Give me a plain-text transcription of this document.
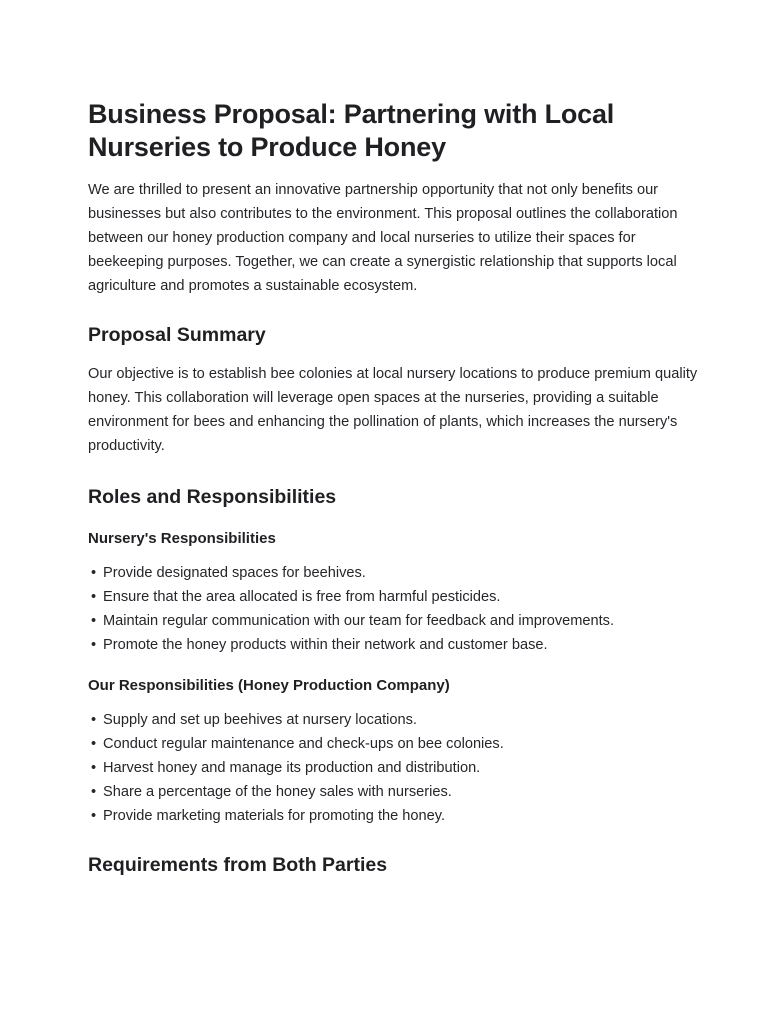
Business Proposal: Partnering with Local Nurseries to Produce Honey

We are thrilled to present an innovative partnership opportunity that not only benefits our businesses but also contributes to the environment. This proposal outlines the collaboration between our honey production company and local nurseries to utilize their spaces for beekeeping purposes. Together, we can create a synergistic relationship that supports local agriculture and promotes a sustainable ecosystem.

Proposal Summary

Our objective is to establish bee colonies at local nursery locations to produce premium quality honey. This collaboration will leverage open spaces at the nurseries, providing a suitable environment for bees and enhancing the pollination of plants, which increases the nursery's productivity.

Roles and Responsibilities
Nursery's Responsibilities
• Provide designated spaces for beehives.
• Ensure that the area allocated is free from harmful pesticides.
• Maintain regular communication with our team for feedback and improvements.
• Promote the honey products within their network and customer base.
Our Responsibilities (Honey Production Company)
• Supply and set up beehives at nursery locations.
• Conduct regular maintenance and check-ups on bee colonies.
• Harvest honey and manage its production and distribution.
• Share a percentage of the honey sales with nurseries.
• Provide marketing materials for promoting the honey.
Requirements from Both Parties
